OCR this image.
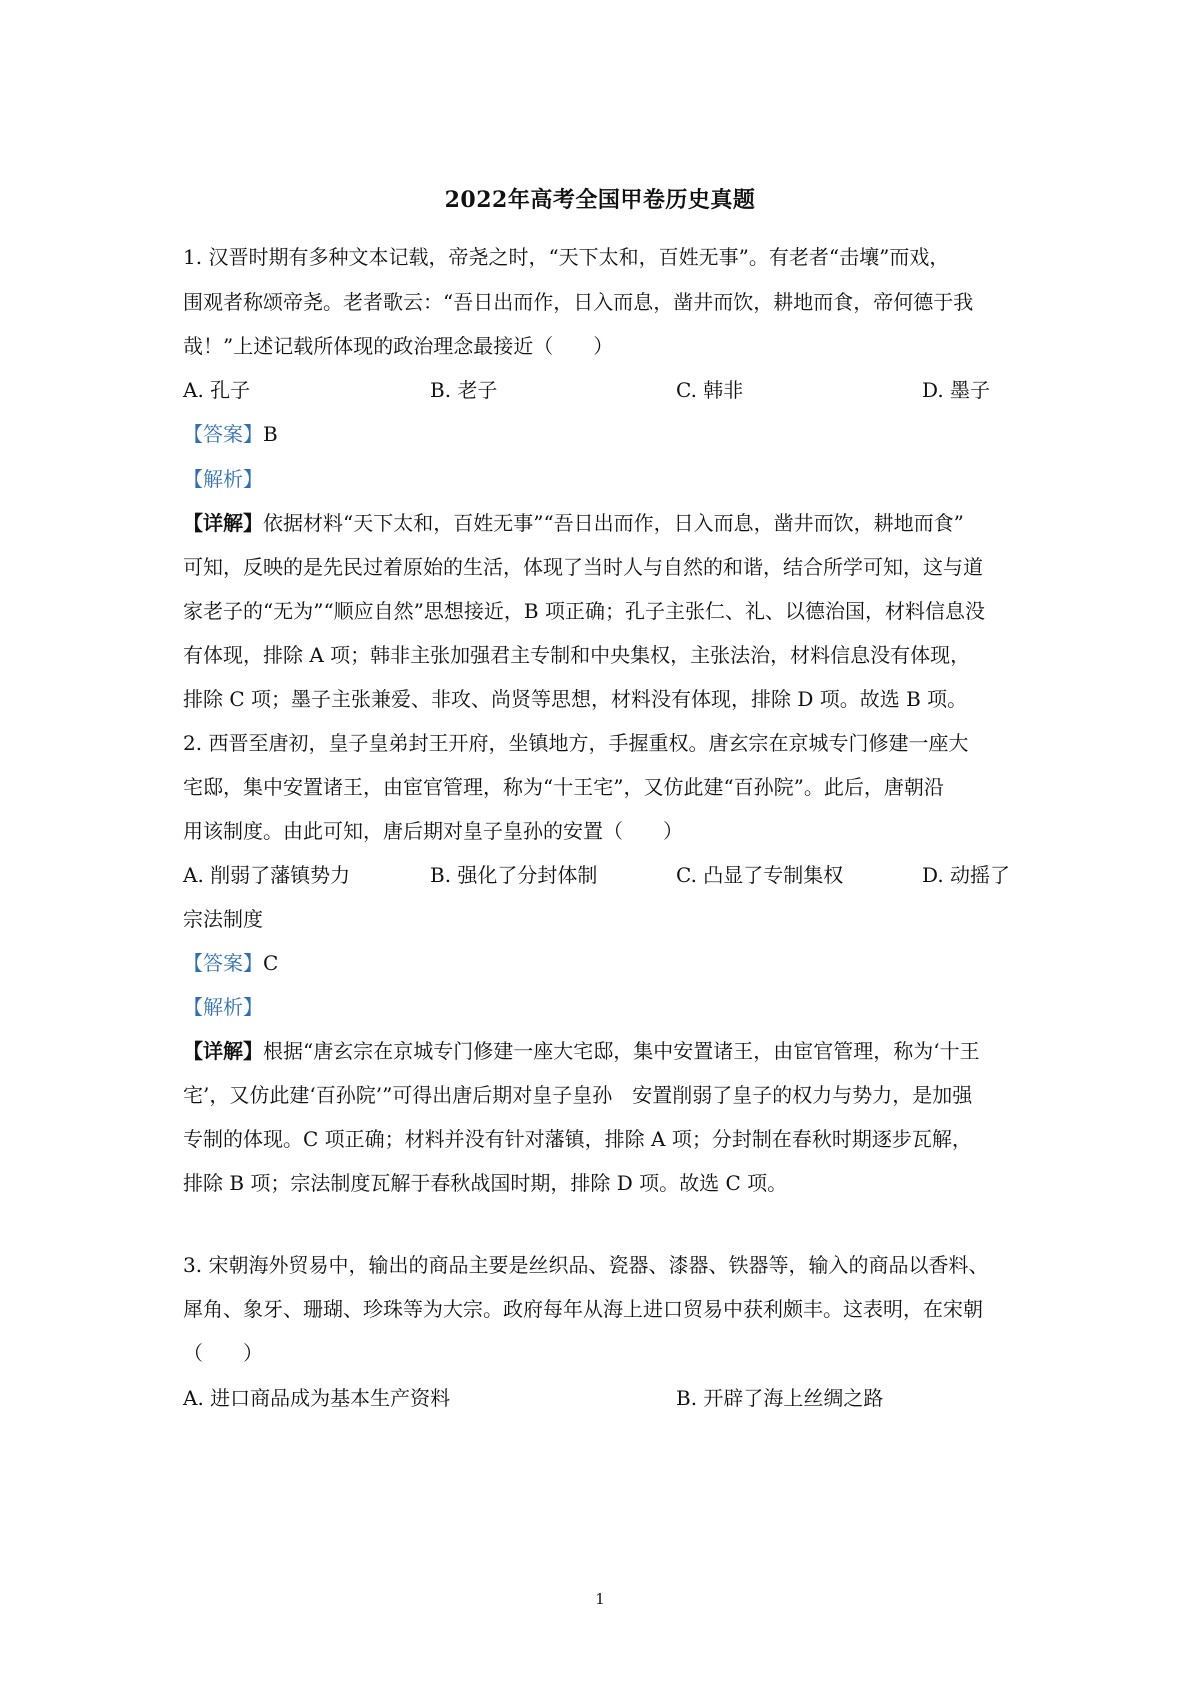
2022年高考全国甲卷历史真题
1. 汉晋时期有多种文本记载，帝尧之时，“天下太和，百姓无事”。有老者“击壤”而戏，
围观者称颂帝尧。老者歌云：“吾日出而作，日入而息，凿井而饮，耕地而食，帝何德于我
哉！”上述记载所体现的政治理念最接近（　　）
A. 孔子	B. 老子	C. 韩非	D. 墨子
【答案】B
【解析】
【详解】依据材料“天下太和，百姓无事”“吾日出而作，日入而息，凿井而饮，耕地而食”
可知，反映的是先民过着原始的生活，体现了当时人与自然的和谐，结合所学可知，这与道
家老子的“无为”“顺应自然”思想接近，B 项正确；孔子主张仁、礼、以德治国，材料信息没
有体现，排除 A 项；韩非主张加强君主专制和中央集权，主张法治，材料信息没有体现，
排除 C 项；墨子主张兼爱、非攻、尚贤等思想，材料没有体现，排除 D 项。故选 B 项。
2. 西晋至唐初，皇子皇弟封王开府，坐镇地方，手握重权。唐玄宗在京城专门修建一座大
宅邸，集中安置诸王，由宦官管理，称为“十王宅”，又仿此建“百孙院”。此后，唐朝沿
用该制度。由此可知，唐后期对皇子皇孙的安置（　　）
A. 削弱了藩镇势力	B. 强化了分封体制	C. 凸显了专制集权	D. 动摇了
宗法制度
【答案】C
【解析】
【详解】根据“唐玄宗在京城专门修建一座大宅邸，集中安置诸王，由宦官管理，称为‘十王
宅’，又仿此建‘百孙院’”可得出唐后期对皇子皇孙　安置削弱了皇子的权力与势力，是加强
专制的体现。C 项正确；材料并没有针对藩镇，排除 A 项；分封制在春秋时期逐步瓦解，
排除 B 项；宗法制度瓦解于春秋战国时期，排除 D 项。故选 C 项。
3. 宋朝海外贸易中，输出的商品主要是丝织品、瓷器、漆器、铁器等，输入的商品以香料、
犀角、象牙、珊瑚、珍珠等为大宗。政府每年从海上进口贸易中获利颇丰。这表明，在宋朝
（　　）
A. 进口商品成为基本生产资料	B. 开辟了海上丝绸之路
1
